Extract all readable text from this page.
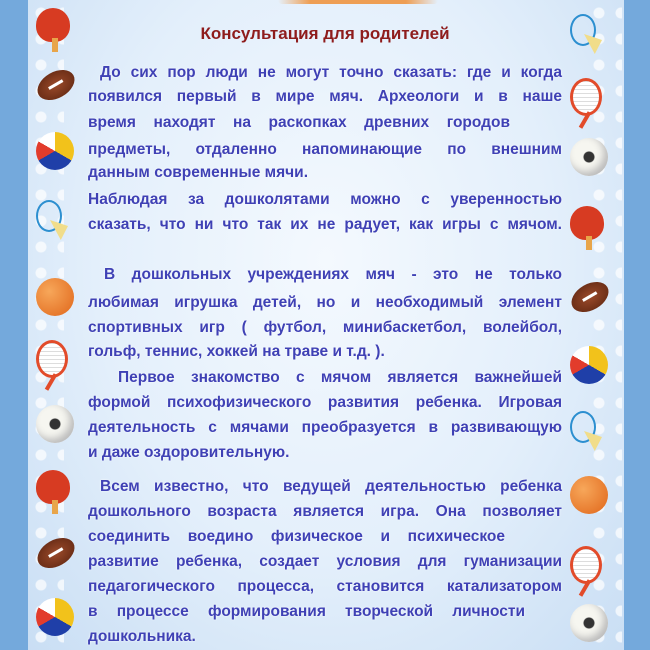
Консультация для родителей
До сих пор люди не могут точно сказать: где и когда
появился первый в мире мяч. Археологи и в наше
время находят на раскопках древних городов
предметы, отдаленно напоминающие по внешним
данным современные мячи.
Наблюдая за дошколятами можно с уверенностью
сказать, что ни что так их не радует, как игры с мячом.
В дошкольных учреждениях мяч - это не только
любимая игрушка детей, но и необходимый элемент
спортивных игр ( футбол, минибаскетбол, волейбол,
гольф, теннис, хоккей на траве и т.д. ).
Первое знакомство с мячом является важнейшей
формой психофизического развития ребенка. Игровая
деятельность с мячами преобразуется в развивающую
и даже оздоровительную.
Всем известно, что ведущей деятельностью ребенка
дошкольного возраста является игра. Она позволяет
соединить воедино физическое и психическое
развитие ребенка, создает условия для гуманизации
педагогического процесса, становится катализатором
в процессе формирования творческой личности
дошкольника.
